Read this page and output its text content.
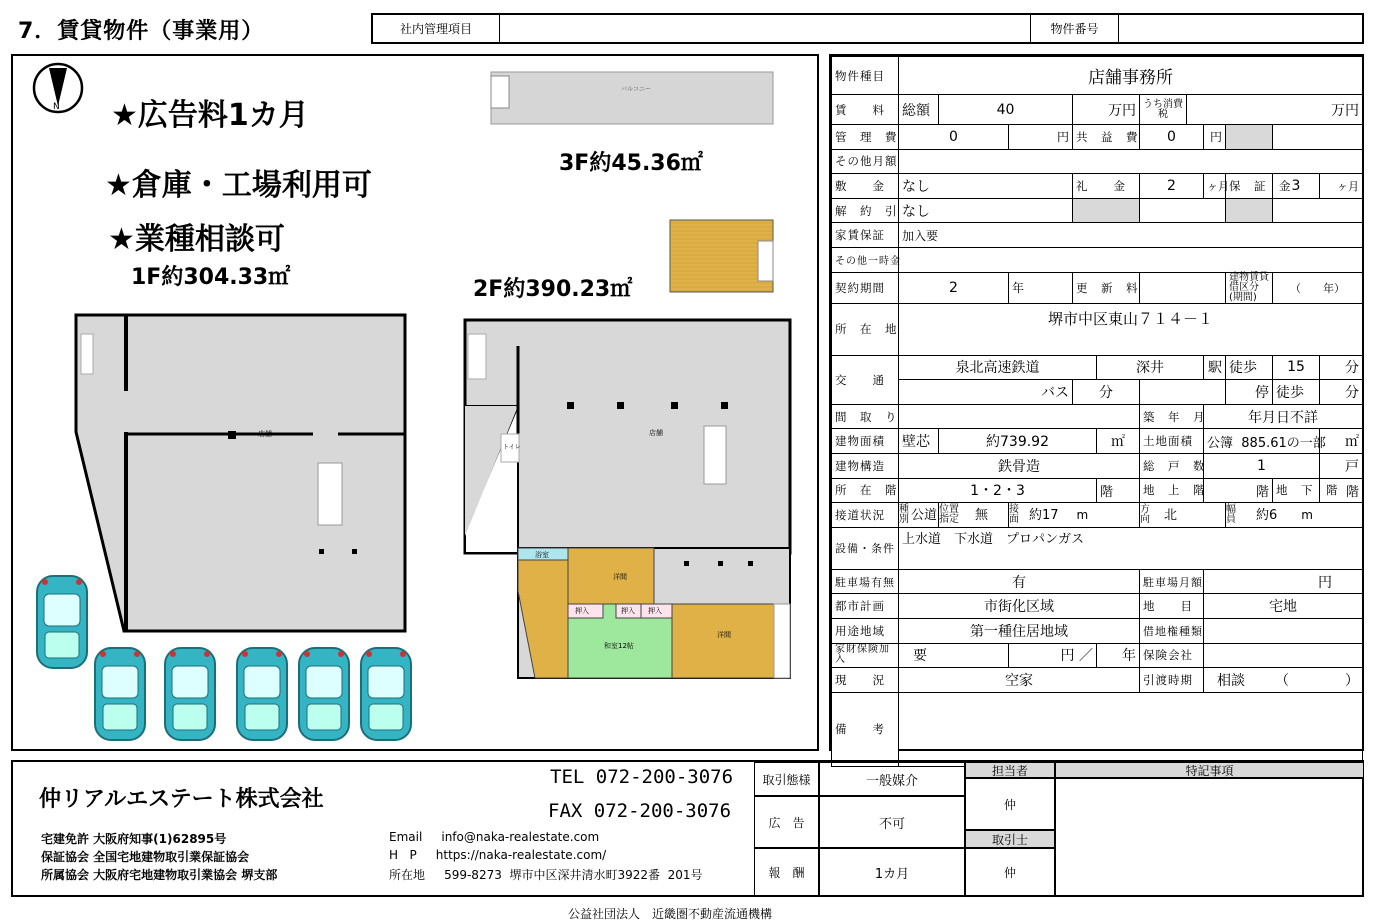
7．賃貸物件（事業用）	社内管理項目	物件番号
N ★広告料1カ月
★倉庫・工場利用可
★業種相談可
1F約304.33㎡	2F約390.23㎡
3F約45.36㎡
バルコニー
店舗	店舗
浴室
洋間
洋間
和室12帖
押入	押入 押入
トイレ
物件種目	店舗事務所										
賃　　料	総額	40		万円		うち消費税	万円				
管　理　費	0		円	共　益　費		0		円			
その他月額											
敷　　金	なし			礼　　金		2		ヶ月	保　証　金	3	ヶ月
解　約　引	なし										
家賃保証	加入要										
その他一時金											
契約期間	2		年	更　新　料					建物賃貸借区分(期間)	（　　年）	
所　在　地	堺市中区東山７１４－１										
交　　通	泉北高速鉄道				深井			駅	徒歩	15	分
	バス			分					停	徒歩	分
間　取　り						築　年　月		年月日不詳			
建物面積	壁芯	約739.92			㎡	土地面積		公簿 885.61の一部			㎡
建物構造	鉄骨造					総　戸　数		1			戸
所　在　階	1・2・3				階	地　上　階		階		地　下　階	階
接道状況	種別 公道	位置指定 無	接面 約17 m			方向 北			幅員 約6 m		
設備・条件	上水道　下水道　プロパンガス										
駐車場有無	有					駐車場月額		円			
都市計画	市街化区域					地　　目		宅地			
用途地域	第一種住居地域					借地権種類					
家財保険加入	要		円 ／		年	保険会社					
現　　況	空家					引渡時期		相談 （　　　　）			
備　　考											
仲リアルエステート株式会社
TEL 072-200-3076
FAX 072-200-3076
宅建免許 大阪府知事(1)62895号
保証協会 全国宅地建物取引業保証協会
所属協会 大阪府宅地建物取引業協会 堺支部
Email     info@naka-realestate.com
H   P     https://naka-realestate.com/
所在地     599-8273  堺市中区深井清水町3922番  201号
取引態様	一般媒介
広　告	不可
報　酬	1カ月
担当者
仲
取引士
仲
特記事項
公益社団法人　近畿圏不動産流通機構
